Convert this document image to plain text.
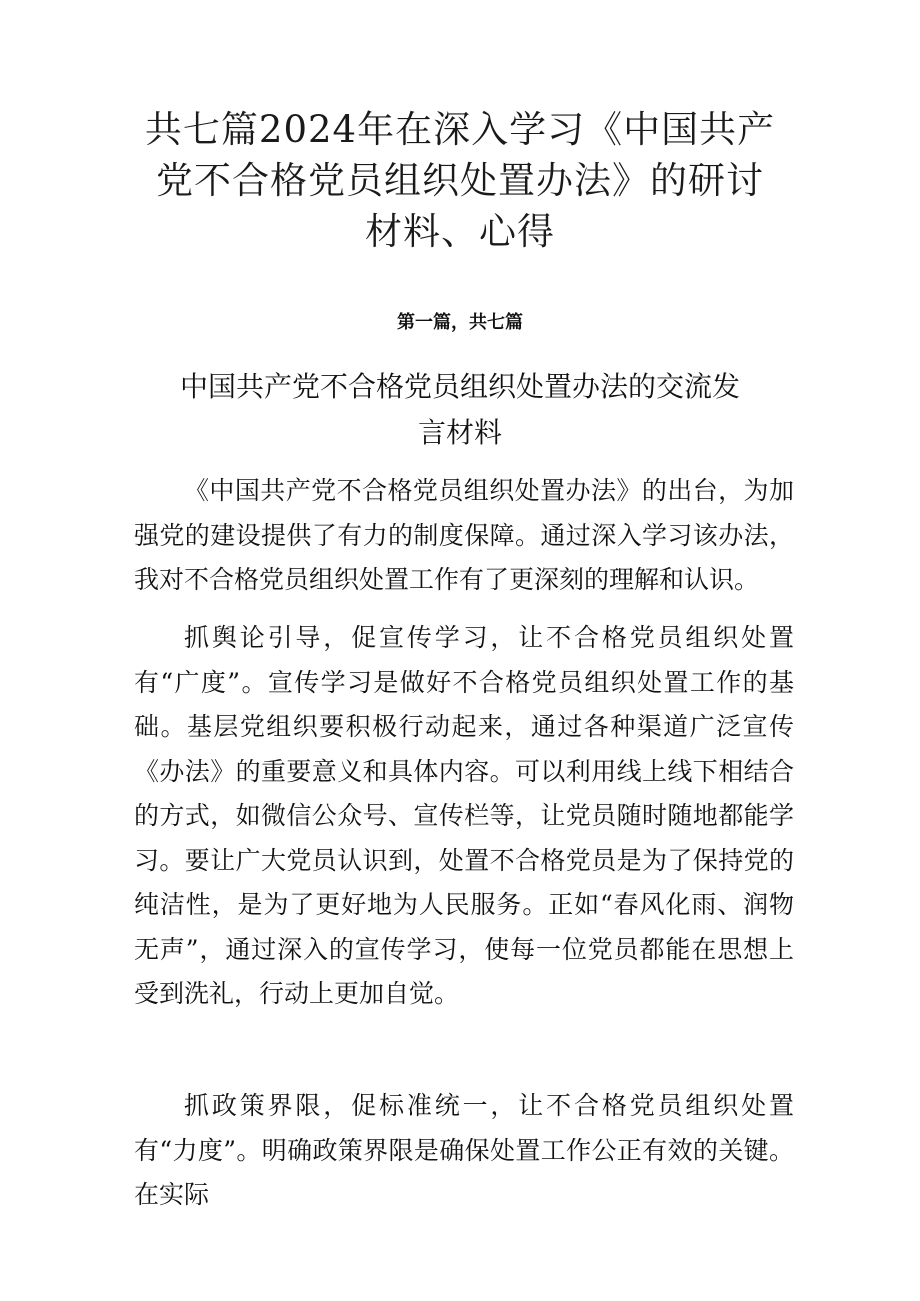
共七篇2024年在深入学习《中国共产党不合格党员组织处置办法》的研讨材料、心得

第一篇，共七篇

中国共产党不合格党员组织处置办法的交流发
言材料

《中国共产党不合格党员组织处置办法》的出台，为加强党的建设提供了有力的制度保障。通过深入学习该办法，我对不合格党员组织处置工作有了更深刻的理解和认识。

抓舆论引导，促宣传学习，让不合格党员组织处置有“广度”。宣传学习是做好不合格党员组织处置工作的基础。基层党组织要积极行动起来，通过各种渠道广泛宣传《办法》的重要意义和具体内容。可以利用线上线下相结合的方式，如微信公众号、宣传栏等，让党员随时随地都能学习。要让广大党员认识到，处置不合格党员是为了保持党的纯洁性，是为了更好地为人民服务。正如“春风化雨、润物无声”，通过深入的宣传学习，使每一位党员都能在思想上受到洗礼，行动上更加自觉。

抓政策界限，促标准统一，让不合格党员组织处置有“力度”。明确政策界限是确保处置工作公正有效的关键。在实际
